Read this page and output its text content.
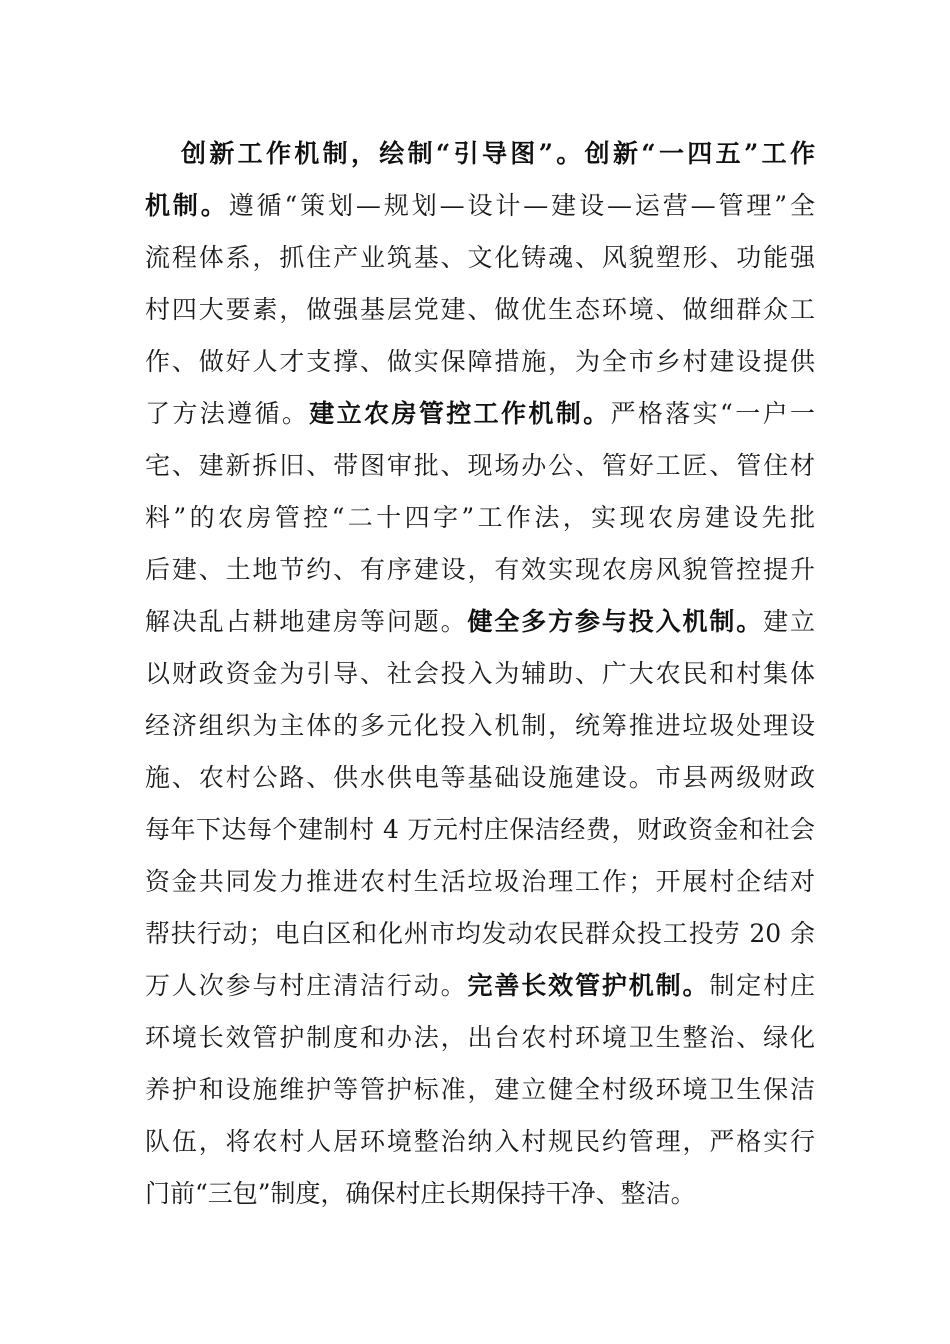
创新工作机制，绘制“引导图”。创新“一四五”工作
机制。遵循“策划—规划—设计—建设—运营—管理”全
流程体系，抓住产业筑基、文化铸魂、风貌塑形、功能强
村四大要素，做强基层党建、做优生态环境、做细群众工
作、做好人才支撑、做实保障措施，为全市乡村建设提供
了方法遵循。建立农房管控工作机制。严格落实“一户一
宅、建新拆旧、带图审批、现场办公、管好工匠、管住材
料”的农房管控“二十四字”工作法，实现农房建设先批
后建、土地节约、有序建设，有效实现农房风貌管控提升
解决乱占耕地建房等问题。健全多方参与投入机制。建立
以财政资金为引导、社会投入为辅助、广大农民和村集体
经济组织为主体的多元化投入机制，统筹推进垃圾处理设
施、农村公路、供水供电等基础设施建设。市县两级财政
每年下达每个建制村 4 万元村庄保洁经费，财政资金和社会
资金共同发力推进农村生活垃圾治理工作；开展村企结对
帮扶行动；电白区和化州市均发动农民群众投工投劳 20 余
万人次参与村庄清洁行动。完善长效管护机制。制定村庄
环境长效管护制度和办法，出台农村环境卫生整治、绿化
养护和设施维护等管护标准，建立健全村级环境卫生保洁
队伍，将农村人居环境整治纳入村规民约管理，严格实行
门前“三包”制度，确保村庄长期保持干净、整洁。
